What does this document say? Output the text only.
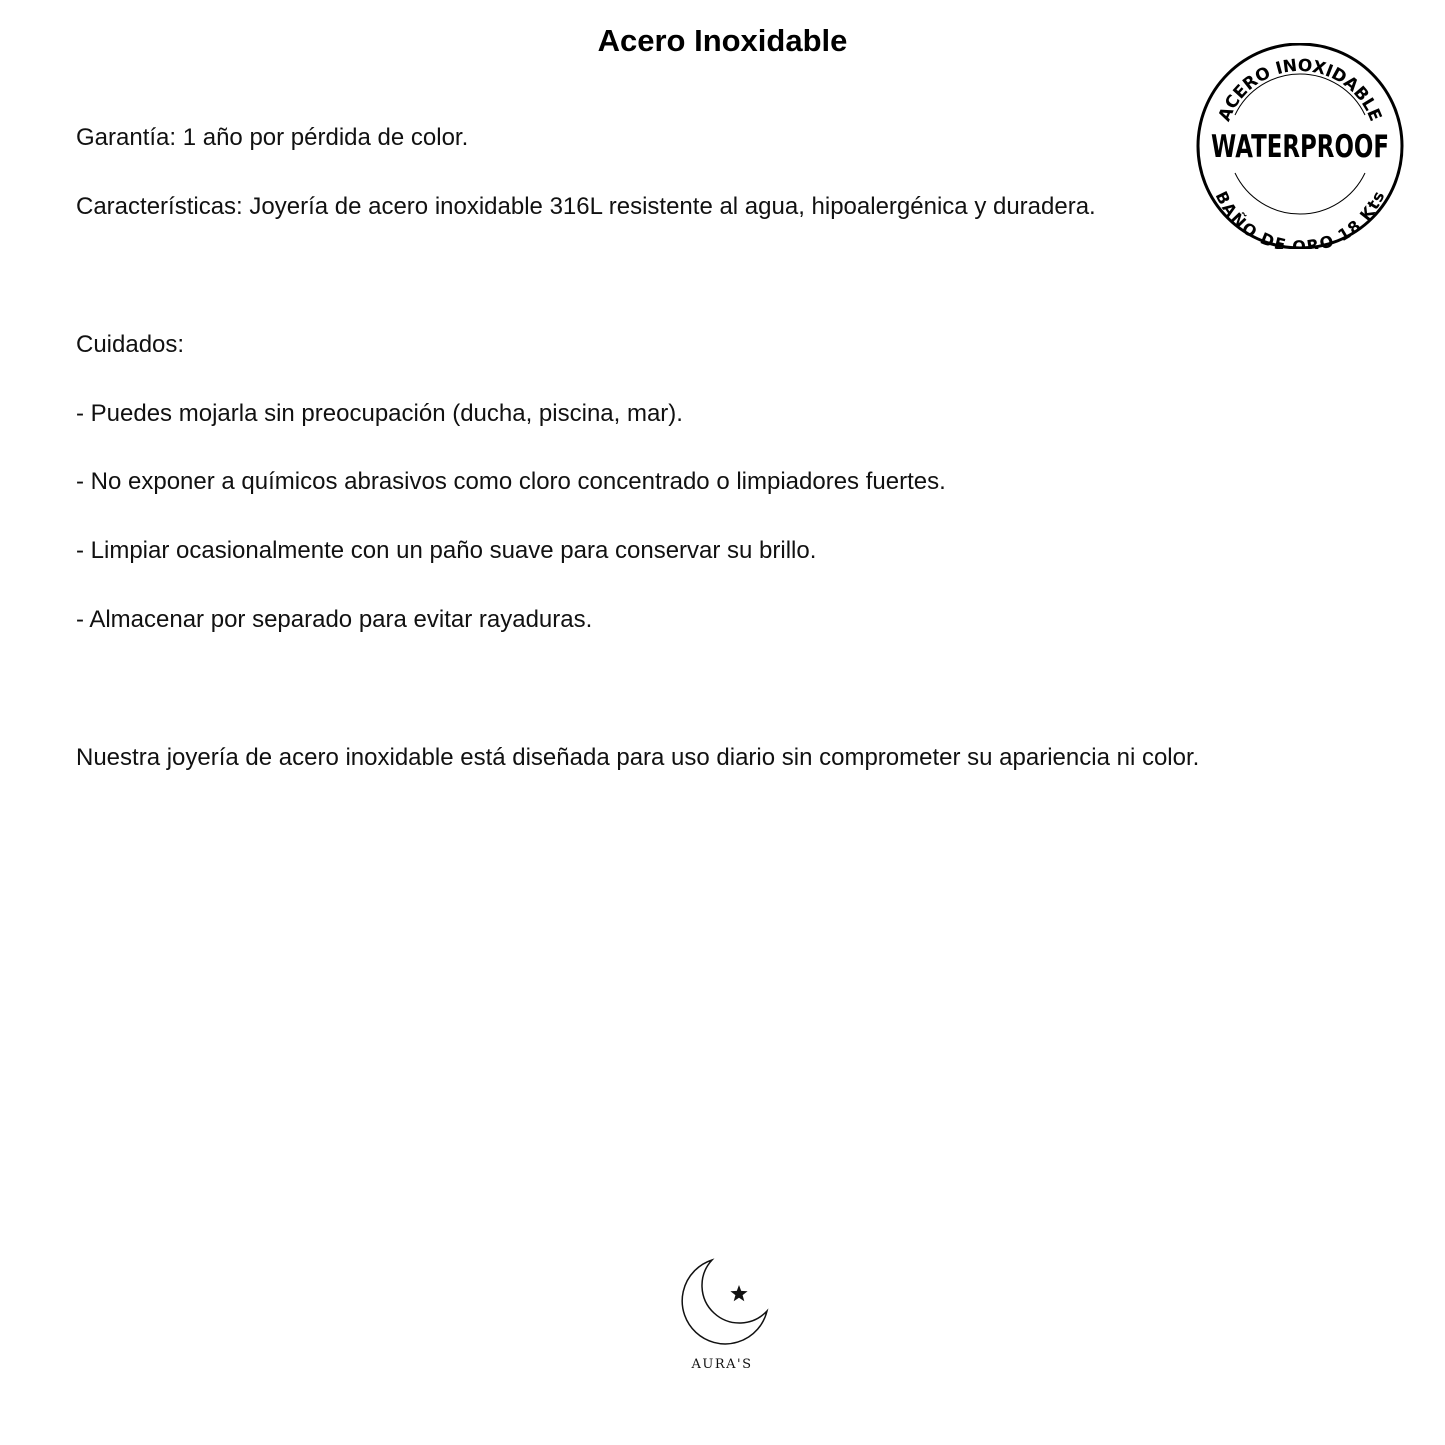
Acero Inoxidable
Garantía: 1 año por pérdida de color.
Características: Joyería de acero inoxidable 316L resistente al agua, hipoalergénica y duradera.
Cuidados:
- Puedes mojarla sin preocupación (ducha, piscina, mar).
- No exponer a químicos abrasivos como cloro concentrado o limpiadores fuertes.
- Limpiar ocasionalmente con un paño suave para conservar su brillo.
- Almacenar por separado para evitar rayaduras.
Nuestra joyería de acero inoxidable está diseñada para uso diario sin comprometer su apariencia ni color.
ACERO INOXIDABLE
WATERPROOF
BAÑO DE ORO 18 Kts
AURA'S
